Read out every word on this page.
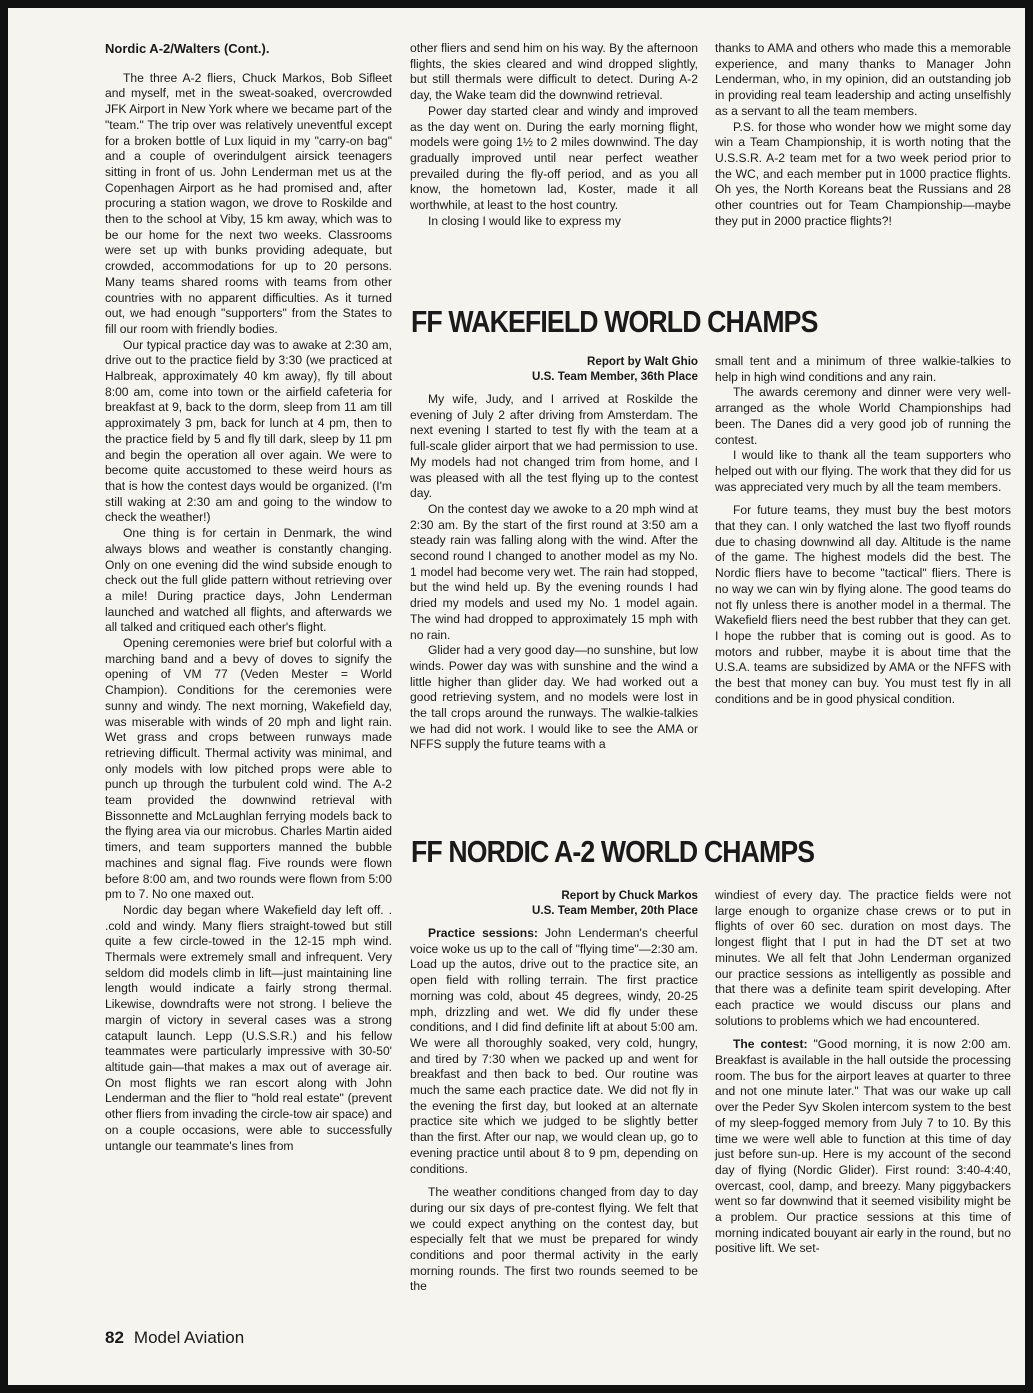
Nordic A-2/Walters (Cont.).

The three A-2 fliers, Chuck Markos, Bob Sifleet and myself, met in the sweat-soaked, overcrowded JFK Airport in New York where we became part of the "team." The trip over was relatively uneventful except for a broken bottle of Lux liquid in my "carry-on bag" and a couple of overindulgent airsick teenagers sitting in front of us. John Lenderman met us at the Copenhagen Airport as he had promised and, after procuring a station wagon, we drove to Roskilde and then to the school at Viby, 15 km away, which was to be our home for the next two weeks. Classrooms were set up with bunks providing adequate, but crowded, accommodations for up to 20 persons. Many teams shared rooms with teams from other countries with no apparent difficulties. As it turned out, we had enough "supporters" from the States to fill our room with friendly bodies.

Our typical practice day was to awake at 2:30 am, drive out to the practice field by 3:30 (we practiced at Halbreak, approximately 40 km away), fly till about 8:00 am, come into town or the airfield cafeteria for breakfast at 9, back to the dorm, sleep from 11 am till approximately 3 pm, back for lunch at 4 pm, then to the practice field by 5 and fly till dark, sleep by 11 pm and begin the operation all over again. We were to become quite accustomed to these weird hours as that is how the contest days would be organized. (I'm still waking at 2:30 am and going to the window to check the weather!)

One thing is for certain in Denmark, the wind always blows and weather is constantly changing. Only on one evening did the wind subside enough to check out the full glide pattern without retrieving over a mile! During practice days, John Lenderman launched and watched all flights, and afterwards we all talked and critiqued each other's flight.

Opening ceremonies were brief but colorful with a marching band and a bevy of doves to signify the opening of VM 77 (Veden Mester = World Champion). Conditions for the ceremonies were sunny and windy. The next morning, Wakefield day, was miserable with winds of 20 mph and light rain. Wet grass and crops between runways made retrieving difficult. Thermal activity was minimal, and only models with low pitched props were able to punch up through the turbulent cold wind. The A-2 team provided the downwind retrieval with Bissonnette and McLaughlan ferrying models back to the flying area via our microbus. Charles Martin aided timers, and team supporters manned the bubble machines and signal flag. Five rounds were flown before 8:00 am, and two rounds were flown from 5:00 pm to 7. No one maxed out.

Nordic day began where Wakefield day left off. . .cold and windy. Many fliers straight-towed but still quite a few circle-towed in the 12-15 mph wind. Thermals were extremely small and infrequent. Very seldom did models climb in lift—just maintaining line length would indicate a fairly strong thermal. Likewise, downdrafts were not strong. I believe the margin of victory in several cases was a strong catapult launch. Lepp (U.S.S.R.) and his fellow teammates were particularly impressive with 30-50' altitude gain—that makes a max out of average air. On most flights we ran escort along with John Lenderman and the flier to "hold real estate" (prevent other fliers from invading the circle-tow air space) and on a couple occasions, were able to successfully untangle our teammate's lines from

other fliers and send him on his way. By the afternoon flights, the skies cleared and wind dropped slightly, but still thermals were difficult to detect. During A-2 day, the Wake team did the downwind retrieval.

Power day started clear and windy and improved as the day went on. During the early morning flight, models were going 1½ to 2 miles downwind. The day gradually improved until near perfect weather prevailed during the fly-off period, and as you all know, the hometown lad, Koster, made it all worthwhile, at least to the host country.

In closing I would like to express my

thanks to AMA and others who made this a memorable experience, and many thanks to Manager John Lenderman, who, in my opinion, did an outstanding job in providing real team leadership and acting unselfishly as a servant to all the team members.

P.S. for those who wonder how we might some day win a Team Championship, it is worth noting that the U.S.S.R. A-2 team met for a two week period prior to the WC, and each member put in 1000 practice flights. Oh yes, the North Koreans beat the Russians and 28 other countries out for Team Championship—maybe they put in 2000 practice flights?!

FF WAKEFIELD WORLD CHAMPS
Report by Walt Ghio
U.S. Team Member, 36th Place

My wife, Judy, and I arrived at Roskilde the evening of July 2 after driving from Amsterdam. The next evening I started to test fly with the team at a full-scale glider airport that we had permission to use. My models had not changed trim from home, and I was pleased with all the test flying up to the contest day.

On the contest day we awoke to a 20 mph wind at 2:30 am. By the start of the first round at 3:50 am a steady rain was falling along with the wind. After the second round I changed to another model as my No. 1 model had become very wet. The rain had stopped, but the wind held up. By the evening rounds I had dried my models and used my No. 1 model again. The wind had dropped to approximately 15 mph with no rain.

Glider had a very good day—no sunshine, but low winds. Power day was with sunshine and the wind a little higher than glider day. We had worked out a good retrieving system, and no models were lost in the tall crops around the runways. The walkie-talkies we had did not work. I would like to see the AMA or NFFS supply the future teams with a

small tent and a minimum of three walkie-talkies to help in high wind conditions and any rain.

The awards ceremony and dinner were very well-arranged as the whole World Championships had been. The Danes did a very good job of running the contest.

I would like to thank all the team supporters who helped out with our flying. The work that they did for us was appreciated very much by all the team members.

For future teams, they must buy the best motors that they can. I only watched the last two flyoff rounds due to chasing downwind all day. Altitude is the name of the game. The highest models did the best. The Nordic fliers have to become "tactical" fliers. There is no way we can win by flying alone. The good teams do not fly unless there is another model in a thermal. The Wakefield fliers need the best rubber that they can get. I hope the rubber that is coming out is good. As to motors and rubber, maybe it is about time that the U.S.A. teams are subsidized by AMA or the NFFS with the best that money can buy. You must test fly in all conditions and be in good physical condition.

FF NORDIC A-2 WORLD CHAMPS
Report by Chuck Markos
U.S. Team Member, 20th Place

Practice sessions: John Lenderman's cheerful voice woke us up to the call of "flying time"—2:30 am. Load up the autos, drive out to the practice site, an open field with rolling terrain. The first practice morning was cold, about 45 degrees, windy, 20-25 mph, drizzling and wet. We did fly under these conditions, and I did find definite lift at about 5:00 am. We were all thoroughly soaked, very cold, hungry, and tired by 7:30 when we packed up and went for breakfast and then back to bed. Our routine was much the same each practice date. We did not fly in the evening the first day, but looked at an alternate practice site which we judged to be slightly better than the first. After our nap, we would clean up, go to evening practice until about 8 to 9 pm, depending on conditions.

The weather conditions changed from day to day during our six days of pre-contest flying. We felt that we could expect anything on the contest day, but especially felt that we must be prepared for windy conditions and poor thermal activity in the early morning rounds. The first two rounds seemed to be the

windiest of every day. The practice fields were not large enough to organize chase crews or to put in flights of over 60 sec. duration on most days. The longest flight that I put in had the DT set at two minutes. We all felt that John Lenderman organized our practice sessions as intelligently as possible and that there was a definite team spirit developing. After each practice we would discuss our plans and solutions to problems which we had encountered.

The contest: "Good morning, it is now 2:00 am. Breakfast is available in the hall outside the processing room. The bus for the airport leaves at quarter to three and not one minute later." That was our wake up call over the Peder Syv Skolen intercom system to the best of my sleep-fogged memory from July 7 to 10. By this time we were well able to function at this time of day just before sun-up. Here is my account of the second day of flying (Nordic Glider). First round: 3:40-4:40, overcast, cool, damp, and breezy. Many piggybackers went so far downwind that it seemed visibility might be a problem. Our practice sessions at this time of morning indicated bouyant air early in the round, but no positive lift. We set-

82 Model Aviation
